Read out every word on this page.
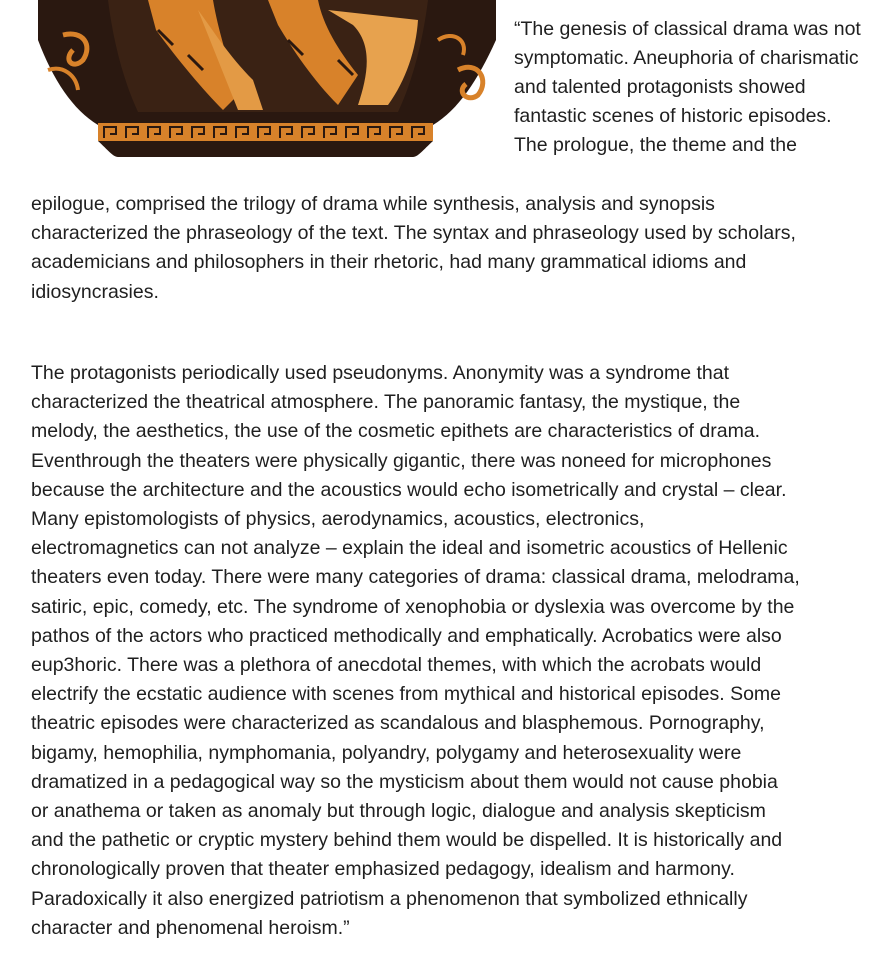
“The genesis of classical drama was not symptomatic. Aneuphoria of charismatic and talented protagonists showed fantastic scenes of historic episodes. The prologue, the theme and the

epilogue, comprised the trilogy of drama while synthesis, analysis and synopsis
characterized the phraseology of the text. The syntax and phraseology used by scholars,
academicians and philosophers in their rhetoric, had many grammatical idioms and
idiosyncrasies.

The protagonists periodically used pseudonyms. Anonymity was a syndrome that
characterized the theatrical atmosphere. The panoramic fantasy, the mystique, the
melody, the aesthetics, the use of the cosmetic epithets are characteristics of drama.
Eventhrough the theaters were physically gigantic, there was noneed for microphones
because the architecture and the acoustics would echo isometrically and crystal – clear.
Many epistomologists of physics, aerodynamics, acoustics, electronics,
electromagnetics can not analyze – explain the ideal and isometric acoustics of Hellenic
theaters even today. There were many categories of drama: classical drama, melodrama,
satiric, epic, comedy, etc. The syndrome of xenophobia or dyslexia was overcome by the
pathos of the actors who practiced methodically and emphatically. Acrobatics were also
eup3horic. There was a plethora of anecdotal themes, with which the acrobats would
electrify the ecstatic audience with scenes from mythical and historical episodes. Some
theatric episodes were characterized as scandalous and blasphemous. Pornography,
bigamy, hemophilia, nymphomania, polyandry, polygamy and heterosexuality were
dramatized in a pedagogical way so the mysticism about them would not cause phobia
or anathema or taken as anomaly but through logic, dialogue and analysis skepticism
and the pathetic or cryptic mystery behind them would be dispelled. It is historically and
chronologically proven that theater emphasized pedagogy, idealism and harmony.
Paradoxically it also energized patriotism a phenomenon that symbolized ethnically
character and phenomenal heroism.”
